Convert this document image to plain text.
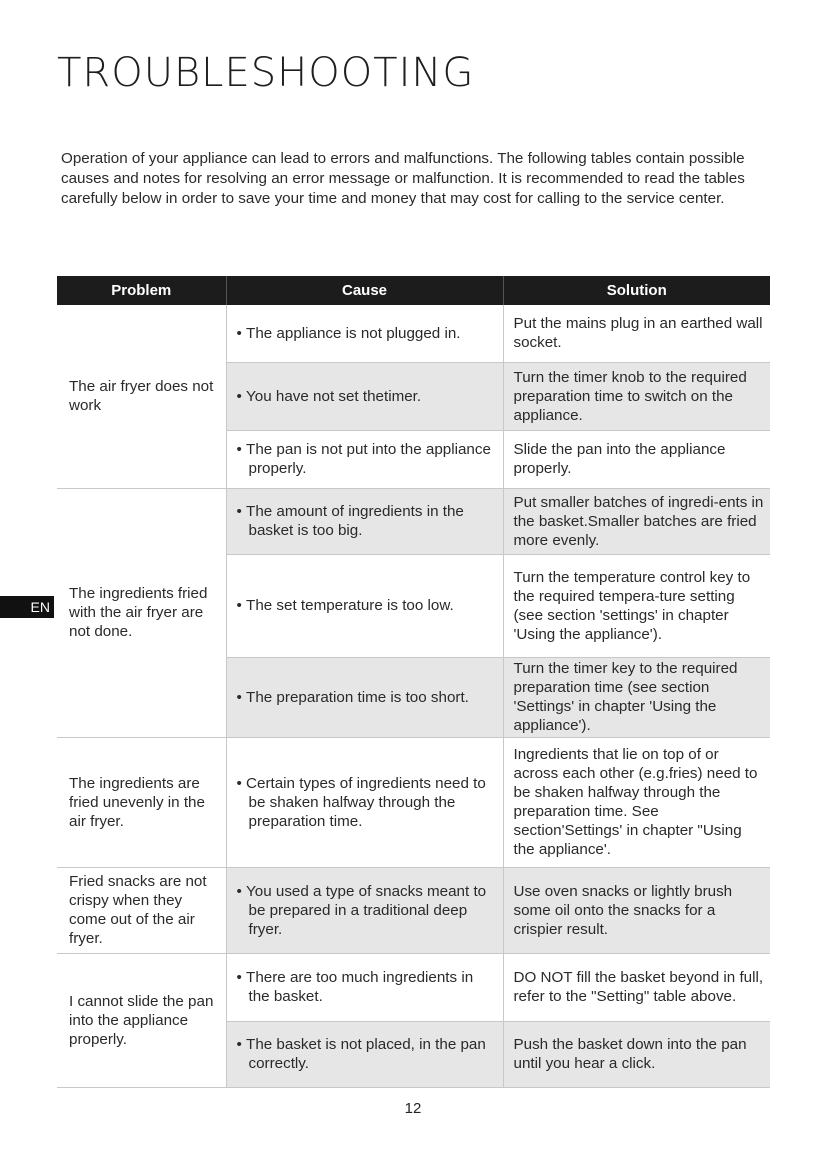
TROUBLESHOOTING

Operation of your appliance can lead to errors and malfunctions. The following tables contain possible causes and notes for resolving an error message or malfunction. It is recommended to read the tables carefully below in order to save your time and money that may cost for calling to the service center.

EN
Problem	Cause	Solution
The air fryer does not work	• The appliance is not plugged in.	Put the mains plug in an earthed wall socket.

	• You have not set thetimer.	Turn the timer knob to the required preparation time to switch on the appliance.

	• The pan is not put into the appliance properly.	Slide the pan into the appliance properly.
The ingredients fried with the air fryer are not done.	• The amount of ingredients in the basket is too big.	Put smaller batches of ingredi-ents in the basket.Smaller batches are fried more evenly.

	• The set temperature is too low.	Turn the temperature control key to the required tempera-ture setting (see section 'settings' in chapter 'Using the appliance').

	• The preparation time is too short.	Turn the timer key to the required preparation time (see section 'Settings' in chapter 'Using the appliance').
The ingredients are fried unevenly in the air fryer.	• Certain types of ingredients need to be shaken halfway through the preparation time.	Ingredients that lie on top of or across each other (e.g.fries) need to be shaken halfway through the preparation time. See section'Settings' in chapter "Using the appliance'.
Fried snacks are not crispy when they come out of the air fryer.	• You used a type of snacks meant to be prepared in a traditional deep fryer.	Use oven snacks or lightly brush some oil onto the snacks for a crispier result.
I cannot slide the pan into the appliance properly.	• There are too much ingredients in the basket.	DO NOT fill the basket beyond in full, refer to the "Setting" table above.

	• The basket is not placed, in the pan correctly.	Push the basket down into the pan until you hear a click.
12
